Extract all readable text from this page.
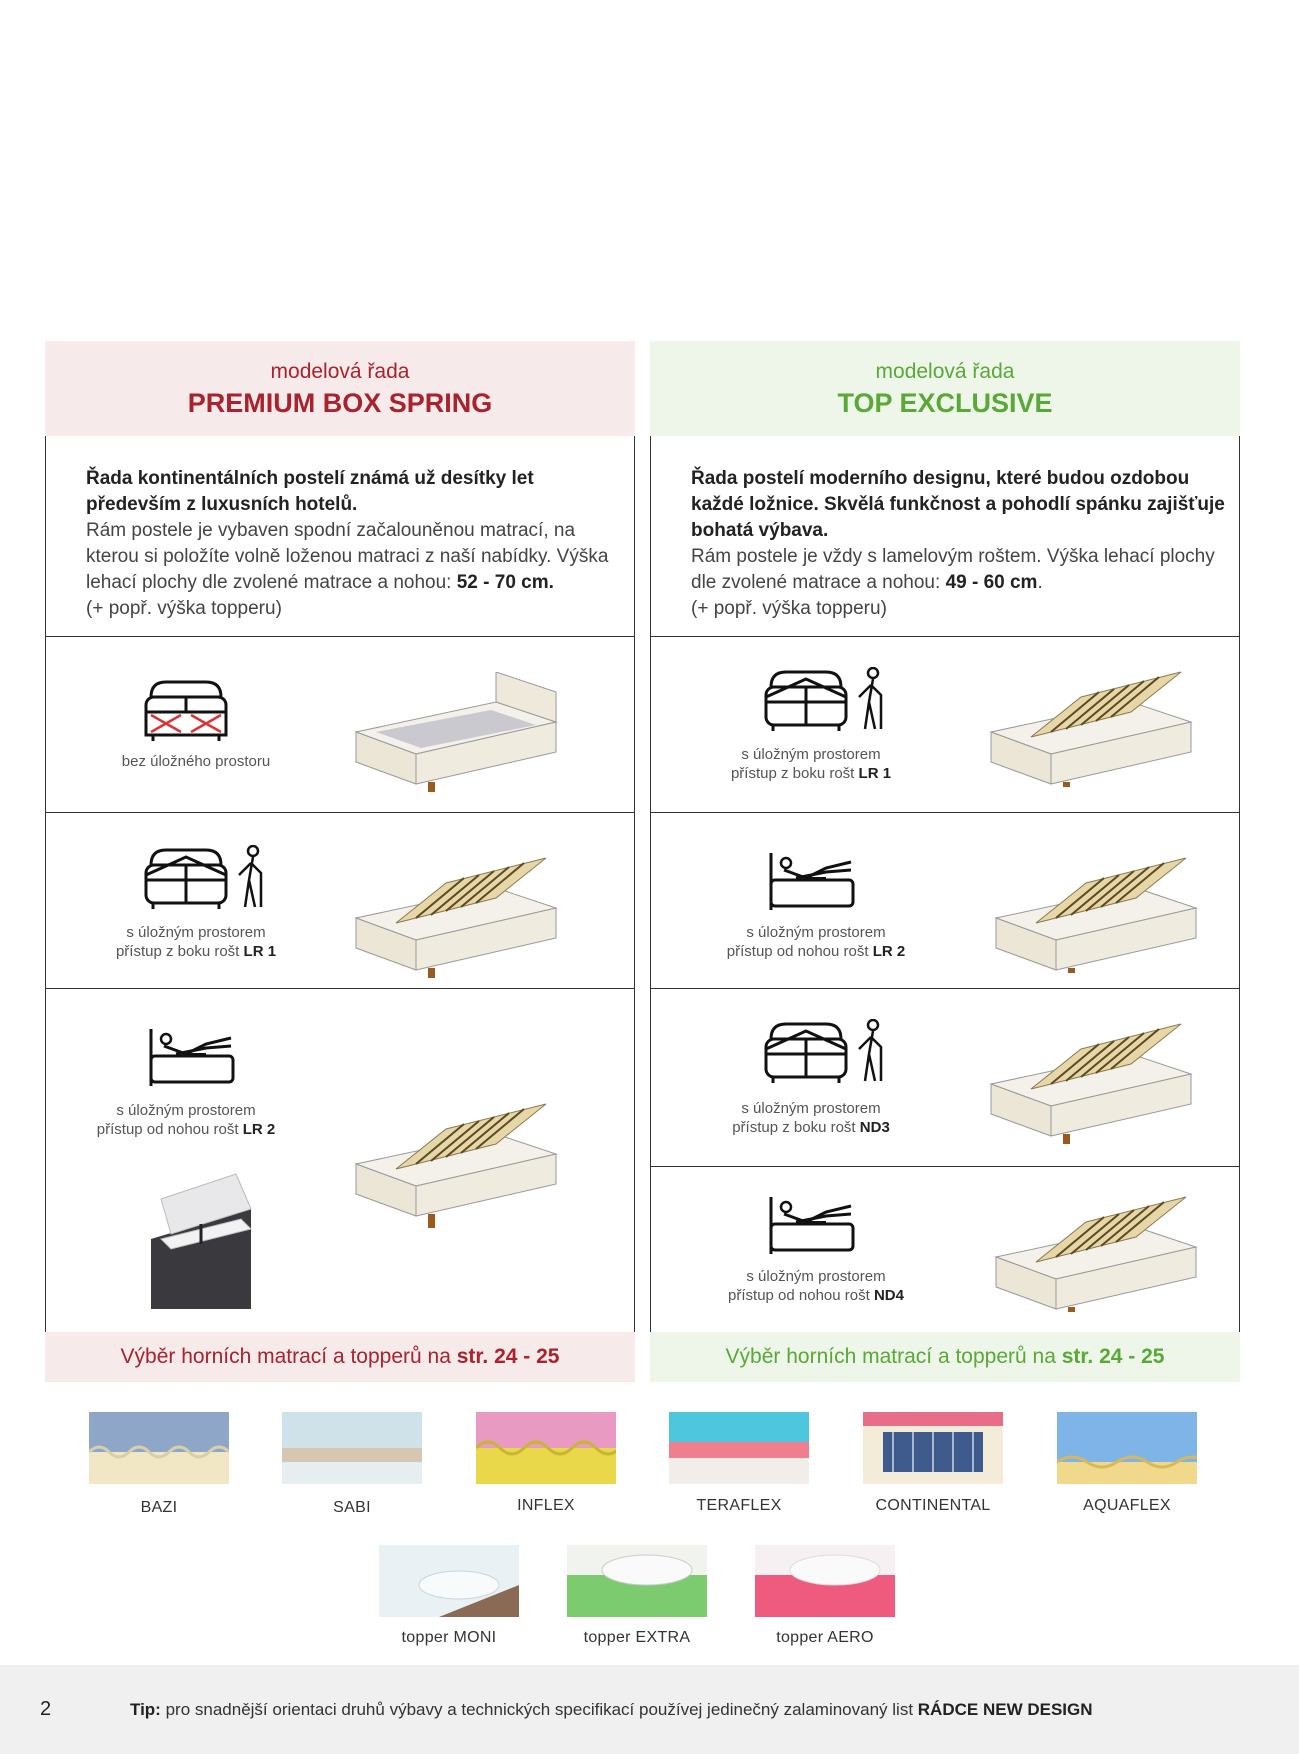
modelová řada
PREMIUM BOX SPRING
Řada kontinentálních postelí známá už desítky let především z luxusních hotelů.
Rám postele je vybaven spodní začalouněnou matrací, na kterou si položíte volně loženou matraci z naší nabídky. Výška lehací plochy dle zvolené matrace a nohou: 52 - 70 cm.
(+ popř. výška topperu)
bez úložného prostoru
s úložným prostorem
přístup z boku rošt LR 1
s úložným prostorem
přístup od nohou rošt LR 2
Výběr horních matrací a topperů na str. 24 - 25
modelová řada
TOP EXCLUSIVE
Řada postelí moderního designu, které budou ozdobou každé ložnice. Skvělá funkčnost a pohodlí spánku zajišťuje bohatá výbava.
Rám postele je vždy s lamelovým roštem. Výška lehací plochy dle zvolené matrace a nohou: 49 - 60 cm.
(+ popř. výška topperu)
s úložným prostorem
přístup z boku rošt LR 1
s úložným prostorem
přístup od nohou rošt LR 2
s úložným prostorem
přístup z boku rošt ND3
s úložným prostorem
přístup od nohou rošt ND4
Výběr horních matrací a topperů na str. 24 - 25
BAZI	SABI	INFLEX	TERAFLEX	CONTINENTAL	AQUAFLEX
topper MONI	topper EXTRA	topper AERO
2	Tip: pro snadnější orientaci druhů výbavy a technických specifikací používej jedinečný zalaminovaný list RÁDCE NEW DESIGN
